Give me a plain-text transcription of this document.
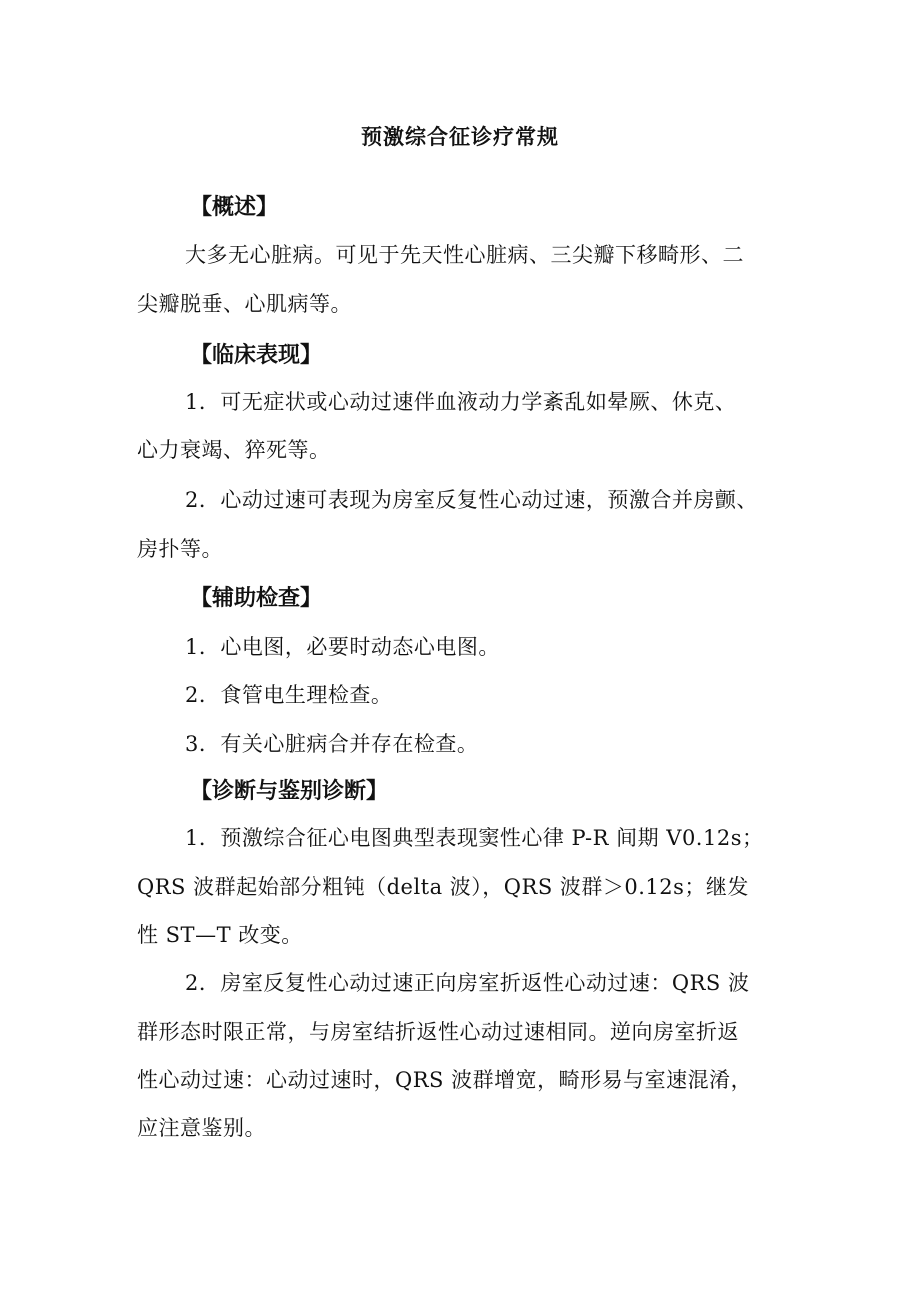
预激综合征诊疗常规
【概述】
大多无心脏病。可见于先天性心脏病、三尖瓣下移畸形、二
尖瓣脱垂、心肌病等。
【临床表现】
1．可无症状或心动过速伴血液动力学紊乱如晕厥、休克、
心力衰竭、猝死等。
2．心动过速可表现为房室反复性心动过速，预激合并房颤、
房扑等。
【辅助检查】
1．心电图，必要时动态心电图。
2．食管电生理检查。
3．有关心脏病合并存在检查。
【诊断与鉴别诊断】
1．预激综合征心电图典型表现窦性心律 P-R 间期 V0.12s；
QRS 波群起始部分粗钝（delta 波），QRS 波群＞0.12s；继发
性 ST—T 改变。
2．房室反复性心动过速正向房室折返性心动过速：QRS 波
群形态时限正常，与房室结折返性心动过速相同。逆向房室折返
性心动过速：心动过速时，QRS 波群增宽，畸形易与室速混淆，
应注意鉴别。
